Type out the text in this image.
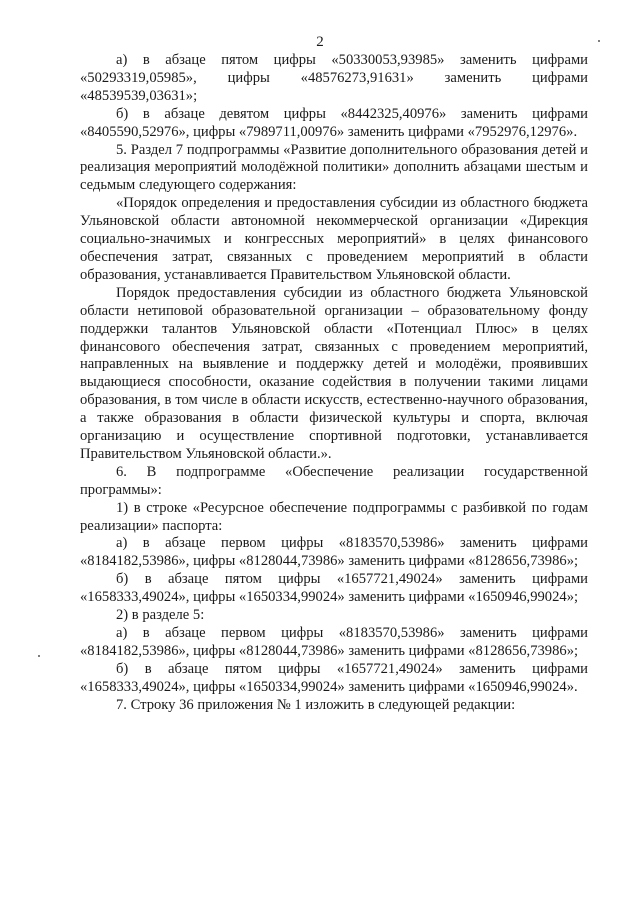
2

а) в абзаце пятом цифры «50330053,93985» заменить цифрами «50293319,05985», цифры «48576273,91631» заменить цифрами «48539539,03631»;

б) в абзаце девятом цифры «8442325,40976» заменить цифрами «8405590,52976», цифры «7989711,00976» заменить цифрами «7952976,12976».

5. Раздел 7 подпрограммы «Развитие дополнительного образования детей и реализация мероприятий молодёжной политики» дополнить абзацами шестым и седьмым следующего содержания:

«Порядок определения и предоставления субсидии из областного бюджета Ульяновской области автономной некоммерческой организации «Дирекция социально-значимых и конгрессных мероприятий» в целях финансового обеспечения затрат, связанных с проведением мероприятий в области образования, устанавливается Правительством Ульяновской области.

Порядок предоставления субсидии из областного бюджета Ульяновской области нетиповой образовательной организации – образовательному фонду поддержки талантов Ульяновской области «Потенциал Плюс» в целях финансового обеспечения затрат, связанных с проведением мероприятий, направленных на выявление и поддержку детей и молодёжи, проявивших выдающиеся способности, оказание содействия в получении такими лицами образования, в том числе в области искусств, естественно-научного образования, а также образования в области физической культуры и спорта, включая организацию и осуществление спортивной подготовки, устанавливается Правительством Ульяновской области.».

6. В подпрограмме «Обеспечение реализации государственной программы»:

1) в строке «Ресурсное обеспечение подпрограммы с разбивкой по годам реализации» паспорта:

а) в абзаце первом цифры «8183570,53986» заменить цифрами «8184182,53986», цифры «8128044,73986» заменить цифрами «8128656,73986»;

б) в абзаце пятом цифры «1657721,49024» заменить цифрами «1658333,49024», цифры «1650334,99024» заменить цифрами «1650946,99024»;

2) в разделе 5:

а) в абзаце первом цифры «8183570,53986» заменить цифрами «8184182,53986», цифры «8128044,73986» заменить цифрами «8128656,73986»;

б) в абзаце пятом цифры «1657721,49024» заменить цифрами «1658333,49024», цифры «1650334,99024» заменить цифрами «1650946,99024».

7. Строку 36 приложения № 1 изложить в следующей редакции:
